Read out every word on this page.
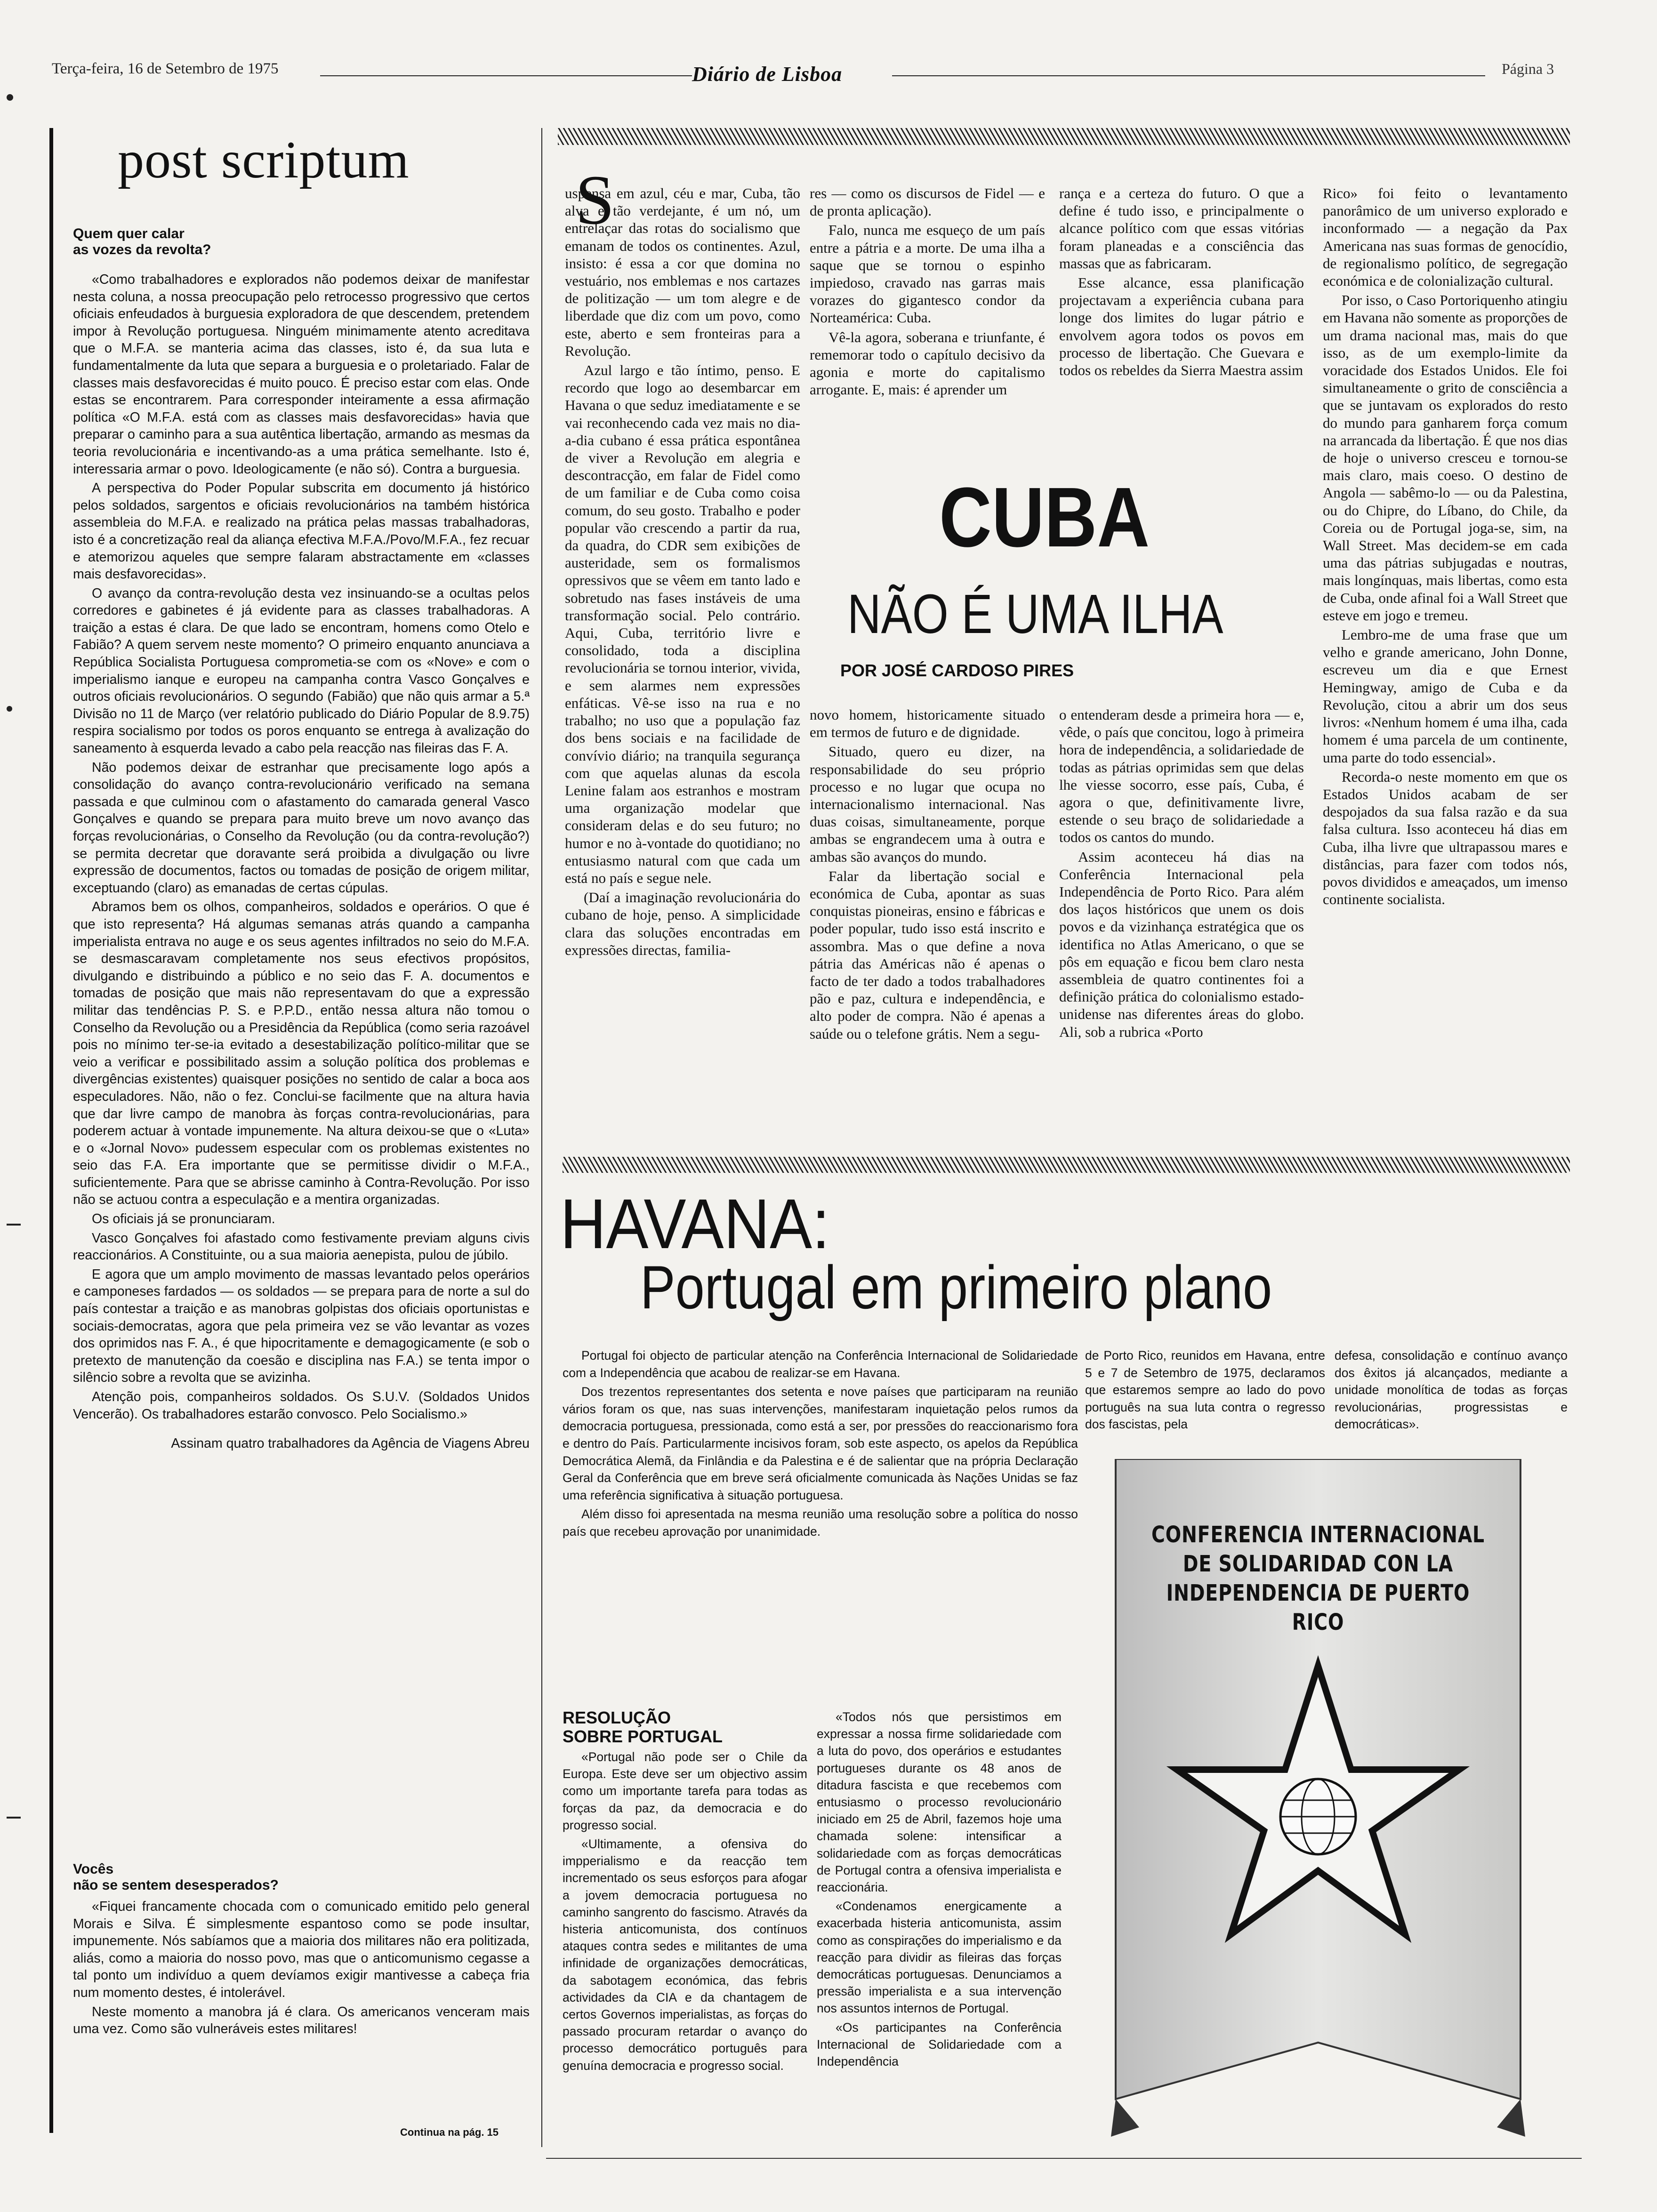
Terça-feira, 16 de Setembro de 1975	Diário de Lisboa	Página 3
post scriptum

Quem quer calar

as vozes da revolta?

«Como trabalhadores e explorados não podemos deixar de manifestar nesta coluna, a nossa preocupação pelo retrocesso progressivo que certos oficiais enfeudados à burguesia exploradora de que descendem, pretendem impor à Revolução portuguesa. Ninguém minimamente atento acreditava que o M.F.A. se manteria acima das classes, isto é, da sua luta e fundamentalmente da luta que separa a burguesia e o proletariado. Falar de classes mais desfavorecidas é muito pouco. É preciso estar com elas. Onde estas se encontrarem. Para corresponder inteiramente a essa afirmação política «O M.F.A. está com as classes mais desfavorecidas» havia que preparar o caminho para a sua autêntica libertação, armando as mesmas da teoria revolucionária e incentivando-as a uma prática semelhante. Isto é, interessaria armar o povo. Ideologicamente (e não só). Contra a burguesia.

A perspectiva do Poder Popular subscrita em documento já histórico pelos soldados, sargentos e oficiais revolucionários na também histórica assembleia do M.F.A. e realizado na prática pelas massas trabalhadoras, isto é a concretização real da aliança efectiva M.F.A./Povo/M.F.A., fez recuar e atemorizou aqueles que sempre falaram abstractamente em «classes mais desfavorecidas».

O avanço da contra-revolução desta vez insinuando-se a ocultas pelos corredores e gabinetes é já evidente para as classes trabalhadoras. A traição a estas é clara. De que lado se encontram, homens como Otelo e Fabião? A quem servem neste momento? O primeiro enquanto anunciava a República Socialista Portuguesa comprometia-se com os «Nove» e com o imperialismo ianque e europeu na campanha contra Vasco Gonçalves e outros oficiais revolucionários. O segundo (Fabião) que não quis armar a 5.ª Divisão no 11 de Março (ver relatório publicado do Diário Popular de 8.9.75) respira socialismo por todos os poros enquanto se entrega à avalização do saneamento à esquerda levado a cabo pela reacção nas fileiras das F. A.

Não podemos deixar de estranhar que precisamente logo após a consolidação do avanço contra-revolucionário verificado na semana passada e que culminou com o afastamento do camarada general Vasco Gonçalves e quando se prepara para muito breve um novo avanço das forças revolucionárias, o Conselho da Revolução (ou da contra-revolução?) se permita decretar que doravante será proibida a divulgação ou livre expressão de documentos, factos ou tomadas de posição de origem militar, exceptuando (claro) as emanadas de certas cúpulas.

Abramos bem os olhos, companheiros, soldados e operários. O que é que isto representa? Há algumas semanas atrás quando a campanha imperialista entrava no auge e os seus agentes infiltrados no seio do M.F.A. se desmascaravam completamente nos seus efectivos propósitos, divulgando e distribuindo a público e no seio das F. A. documentos e tomadas de posição que mais não representavam do que a expressão militar das tendências P. S. e P.P.D., então nessa altura não tomou o Conselho da Revolução ou a Presidência da República (como seria razoável pois no mínimo ter-se-ia evitado a desestabilização político-militar que se veio a verificar e possibilitado assim a solução política dos problemas e divergências existentes) quaisquer posições no sentido de calar a boca aos especuladores. Não, não o fez. Conclui-se facilmente que na altura havia que dar livre campo de manobra às forças contra-revolucionárias, para poderem actuar à vontade impunemente. Na altura deixou-se que o «Luta» e o «Jornal Novo» pudessem especular com os problemas existentes no seio das F.A. Era importante que se permitisse dividir o M.F.A., suficientemente. Para que se abrisse caminho à Contra-Revolução. Por isso não se actuou contra a especulação e a mentira organizadas.

Os oficiais já se pronunciaram.

Vasco Gonçalves foi afastado como festivamente previam alguns civis reaccionários. A Constituinte, ou a sua maioria aenepista, pulou de júbilo.

E agora que um amplo movimento de massas levantado pelos operários e camponeses fardados — os soldados — se prepara para de norte a sul do país contestar a traição e as manobras golpistas dos oficiais oportunistas e sociais-democratas, agora que pela primeira vez se vão levantar as vozes dos oprimidos nas F. A., é que hipocritamente e demagogicamente (e sob o pretexto de manutenção da coesão e disciplina nas F.A.) se tenta impor o silêncio sobre a revolta que se avizinha.

Atenção pois, companheiros soldados. Os S.U.V. (Soldados Unidos Vencerão). Os trabalhadores estarão convosco. Pelo Socialismo.»

Assinam quatro trabalhadores da Agência de Viagens Abreu

Vocês

não se sentem desesperados?

«Fiquei francamente chocada com o comunicado emitido pelo general Morais e Silva. É simplesmente espantoso como se pode insultar, impunemente. Nós sabíamos que a maioria dos militares não era politizada, aliás, como a maioria do nosso povo, mas que o anticomunismo cegasse a tal ponto um indivíduo a quem devíamos exigir mantivesse a cabeça fria num momento destes, é intolerável.

Neste momento a manobra já é clara. Os americanos venceram mais uma vez. Como são vulneráveis estes militares!

Continua na pág. 15
S

uspensa em azul, céu e mar, Cuba, tão alva e tão verdejante, é um nó, um entrelaçar das rotas do socialismo que emanam de todos os continentes. Azul, insisto: é essa a cor que domina no vestuário, nos emblemas e nos cartazes de politização — um tom alegre e de liberdade que diz com um povo, como este, aberto e sem fronteiras para a Revolução.

Azul largo e tão íntimo, penso. E recordo que logo ao desembarcar em Havana o que seduz imediatamente e se vai reconhecendo cada vez mais no dia-a-dia cubano é essa prática espontânea de viver a Revolução em alegria e descontracção, em falar de Fidel como de um familiar e de Cuba como coisa comum, do seu gosto. Trabalho e poder popular vão crescendo a partir da rua, da quadra, do CDR sem exibições de austeridade, sem os formalismos opressivos que se vêem em tanto lado e sobretudo nas fases instáveis de uma transformação social. Pelo contrário. Aqui, Cuba, território livre e consolidado, toda a disciplina revolucionária se tornou interior, vivida, e sem alarmes nem expressões enfáticas. Vê-se isso na rua e no trabalho; no uso que a população faz dos bens sociais e na facilidade de convívio diário; na tranquila segurança com que aquelas alunas da escola Lenine falam aos estranhos e mostram uma organização modelar que consideram delas e do seu futuro; no humor e no à-vontade do quotidiano; no entusiasmo natural com que cada um está no país e segue nele.

(Daí a imaginação revolucionária do cubano de hoje, penso. A simplicidade clara das soluções encontradas em expressões directas, familia-

res — como os discursos de Fidel — e de pronta aplicação).

Falo, nunca me esqueço de um país entre a pátria e a morte. De uma ilha a saque que se tornou o espinho impiedoso, cravado nas garras mais vorazes do gigantesco condor da Norteamérica: Cuba.

Vê-la agora, soberana e triunfante, é rememorar todo o capítulo decisivo da agonia e morte do capitalismo arrogante. E, mais: é aprender um

rança e a certeza do futuro. O que a define é tudo isso, e principalmente o alcance político com que essas vitórias foram planeadas e a consciência das massas que as fabricaram.

Esse alcance, essa planificação projectavam a experiência cubana para longe dos limites do lugar pátrio e envolvem agora todos os povos em processo de libertação. Che Guevara e todos os rebeldes da Sierra Maestra assim

CUBA
NÃO É UMA ILHA
POR JOSÉ CARDOSO PIRES

novo homem, historicamente situado em termos de futuro e de dignidade.

Situado, quero eu dizer, na responsabilidade do seu próprio processo e no lugar que ocupa no internacionalismo internacional. Nas duas coisas, simultaneamente, porque ambas se engrandecem uma à outra e ambas são avanços do mundo.

Falar da libertação social e económica de Cuba, apontar as suas conquistas pioneiras, ensino e fábricas e poder popular, tudo isso está inscrito e assombra. Mas o que define a nova pátria das Américas não é apenas o facto de ter dado a todos trabalhadores pão e paz, cultura e independência, e alto poder de compra. Não é apenas a saúde ou o telefone grátis. Nem a segu-

o entenderam desde a primeira hora — e, vêde, o país que concitou, logo à primeira hora de independência, a solidariedade de todas as pátrias oprimidas sem que delas lhe viesse socorro, esse país, Cuba, é agora o que, definitivamente livre, estende o seu braço de solidariedade a todos os cantos do mundo.

Assim aconteceu há dias na Conferência Internacional pela Independência de Porto Rico. Para além dos laços históricos que unem os dois povos e da vizinhança estratégica que os identifica no Atlas Americano, o que se pôs em equação e ficou bem claro nesta assembleia de quatro continentes foi a definição prática do colonialismo estado-unidense nas diferentes áreas do globo. Ali, sob a rubrica «Porto

Rico» foi feito o levantamento panorâmico de um universo explorado e inconformado — a negação da Pax Americana nas suas formas de genocídio, de regionalismo político, de segregação económica e de colonialização cultural.

Por isso, o Caso Portoriquenho atingiu em Havana não somente as proporções de um drama nacional mas, mais do que isso, as de um exemplo-limite da voracidade dos Estados Unidos. Ele foi simultaneamente o grito de consciência a que se juntavam os explorados do resto do mundo para ganharem força comum na arrancada da libertação. É que nos dias de hoje o universo cresceu e tornou-se mais claro, mais coeso. O destino de Angola — sabêmo-lo — ou da Palestina, ou do Chipre, do Líbano, do Chile, da Coreia ou de Portugal joga-se, sim, na Wall Street. Mas decidem-se em cada uma das pátrias subjugadas e noutras, mais longínquas, mais libertas, como esta de Cuba, onde afinal foi a Wall Street que esteve em jogo e tremeu.

Lembro-me de uma frase que um velho e grande americano, John Donne, escreveu um dia e que Ernest Hemingway, amigo de Cuba e da Revolução, citou a abrir um dos seus livros: «Nenhum homem é uma ilha, cada homem é uma parcela de um continente, uma parte do todo essencial».

Recorda-o neste momento em que os Estados Unidos acabam de ser despojados da sua falsa razão e da sua falsa cultura. Isso aconteceu há dias em Cuba, ilha livre que ultrapassou mares e distâncias, para fazer com todos nós, povos divididos e ameaçados, um imenso continente socialista.

HAVANA:
Portugal em primeiro plano

Portugal foi objecto de particular atenção na Conferência Internacional de Solidariedade com a Independência que acabou de realizar-se em Havana.

Dos trezentos representantes dos setenta e nove países que participaram na reunião vários foram os que, nas suas intervenções, manifestaram inquietação pelos rumos da democracia portuguesa, pressionada, como está a ser, por pressões do reaccionarismo fora e dentro do País. Particularmente incisivos foram, sob este aspecto, os apelos da República Democrática Alemã, da Finlândia e da Palestina e é de salientar que na própria Declaração Geral da Conferência que em breve será oficialmente comunicada às Nações Unidas se faz uma referência significativa à situação portuguesa.

Além disso foi apresentada na mesma reunião uma resolução sobre a política do nosso país que recebeu aprovação por unanimidade.

de Porto Rico, reunidos em Havana, entre 5 e 7 de Setembro de 1975, declaramos que estaremos sempre ao lado do povo português na sua luta contra o regresso dos fascistas, pela

defesa, consolidação e contínuo avanço dos êxitos já alcançados, mediante a unidade monolítica de todas as forças revolucionárias, progressistas e democráticas».

RESOLUÇÃO

SOBRE PORTUGAL

«Portugal não pode ser o Chile da Europa. Este deve ser um objectivo assim como um importante tarefa para todas as forças da paz, da democracia e do progresso social.

«Ultimamente, a ofensiva do impperialismo e da reacção tem incrementado os seus esforços para afogar a jovem democracia portuguesa no caminho sangrento do fascismo. Através da histeria anticomunista, dos contínuos ataques contra sedes e militantes de uma infinidade de organizações democráticas, da sabotagem económica, das febris actividades da CIA e da chantagem de certos Governos imperialistas, as forças do passado procuram retardar o avanço do processo democrático português para genuína democracia e progresso social.

«Todos nós que persistimos em expressar a nossa firme solidariedade com a luta do povo, dos operários e estudantes portugueses durante os 48 anos de ditadura fascista e que recebemos com entusiasmo o processo revolucionário iniciado em 25 de Abril, fazemos hoje uma chamada solene: intensificar a solidariedade com as forças democráticas de Portugal contra a ofensiva imperialista e reaccionária.

«Condenamos energicamente a exacerbada histeria anticomunista, assim como as conspirações do imperialismo e da reacção para dividir as fileiras das forças democráticas portuguesas. Denunciamos a pressão imperialista e a sua intervenção nos assuntos internos de Portugal.

«Os participantes na Conferência Internacional de Solidariedade com a Independência

CONFERENCIA INTERNACIONAL
DE SOLIDARIDAD CON LA
INDEPENDENCIA DE PUERTO RICO
